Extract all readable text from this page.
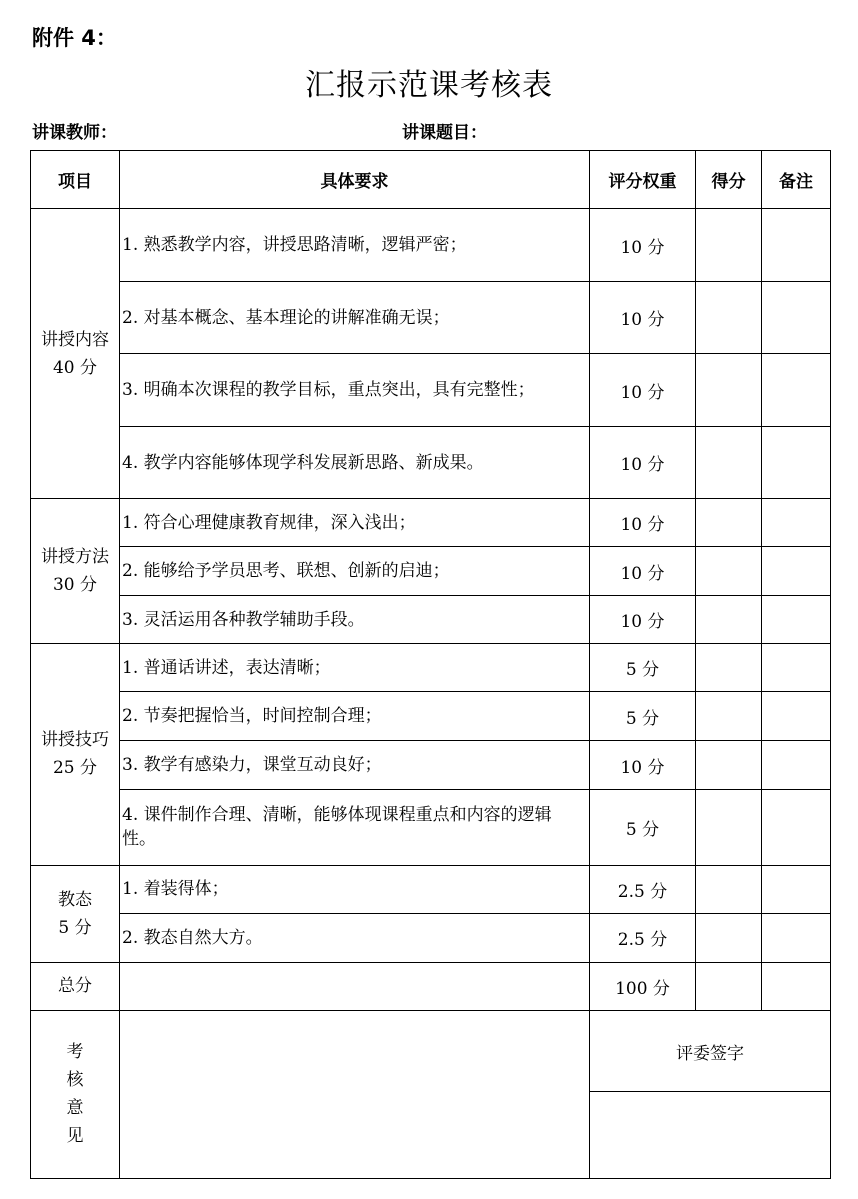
附件 4：
汇报示范课考核表
讲课教师：	讲课题目：
项目	具体要求	评分权重	得分	备注

讲授内容
40 分	1. 熟悉教学内容，讲授思路清晰，逻辑严密；	10 分		
	2. 对基本概念、基本理论的讲解准确无误；	10 分		
	3. 明确本次课程的教学目标，重点突出，具有完整性；	10 分		
	4. 教学内容能够体现学科发展新思路、新成果。	10 分		

讲授方法
30 分	1. 符合心理健康教育规律，深入浅出；	10 分		
	2. 能够给予学员思考、联想、创新的启迪；	10 分		
	3. 灵活运用各种教学辅助手段。	10 分		

讲授技巧
25 分	1. 普通话讲述，表达清晰；	5 分		
	2. 节奏把握恰当，时间控制合理；	5 分		
	3. 教学有感染力，课堂互动良好；	10 分		
	4. 课件制作合理、清晰，能够体现课程重点和内容的逻辑性。	5 分		

教态
5 分	1. 着装得体；	2.5 分		
	2. 教态自然大方。	2.5 分		
总分		100 分		

考
核
意
见		评委签字		
